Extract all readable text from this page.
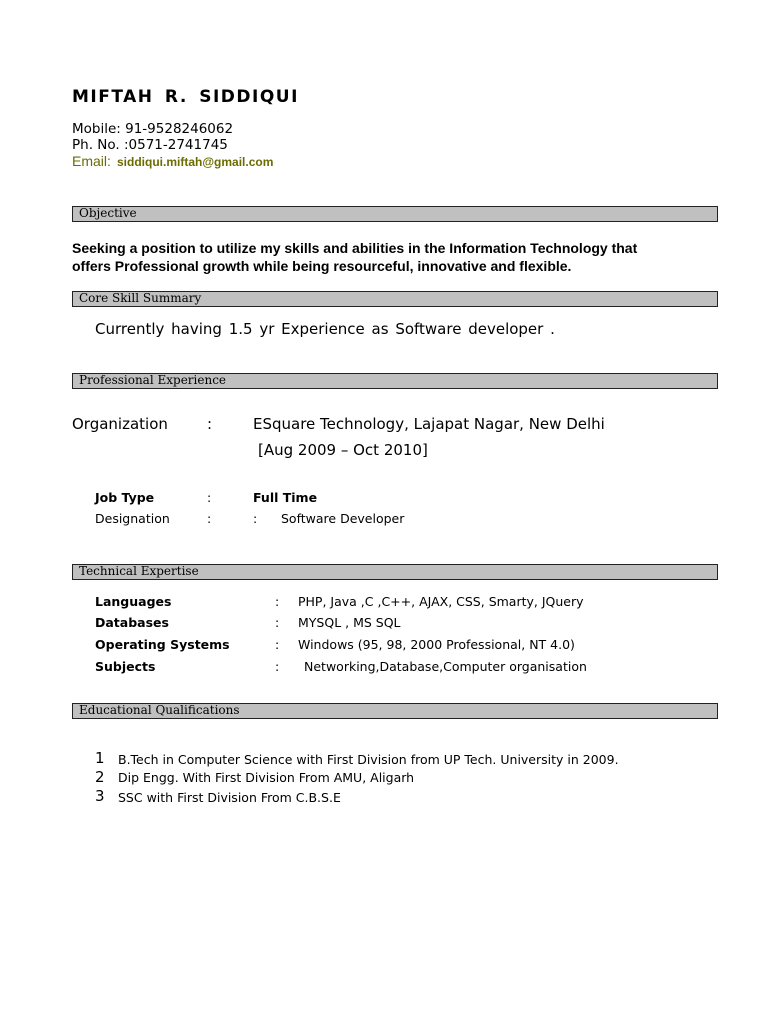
MIFTAH R. SIDDIQUI
Mobile: 91-9528246062
Ph. No. :0571-2741745
Email: siddiqui.miftah@gmail.com
Objective
Seeking a position to utilize my skills and abilities in the Information Technology that
offers Professional growth while being resourceful, innovative and flexible.
Core Skill Summary
Currently having 1.5 yr Experience as Software developer .
Professional Experience
Organization	:	ESquare Technology, Lajapat Nagar, New Delhi
[Aug 2009 – Oct 2010]
Job Type	:	Full Time
Designation	:	: Software Developer
Technical Expertise
Languages	: PHP, Java ,C ,C++, AJAX, CSS, Smarty, JQuery
Databases	: MYSQL , MS SQL
Operating Systems	: Windows (95, 98, 2000 Professional, NT 4.0)
Subjects	: Networking,Database,Computer organisation
Educational Qualifications
1 B.Tech in Computer Science with First Division from UP Tech. University in 2009.
2 Dip Engg. With First Division From AMU, Aligarh
3 SSC with First Division From C.B.S.E
